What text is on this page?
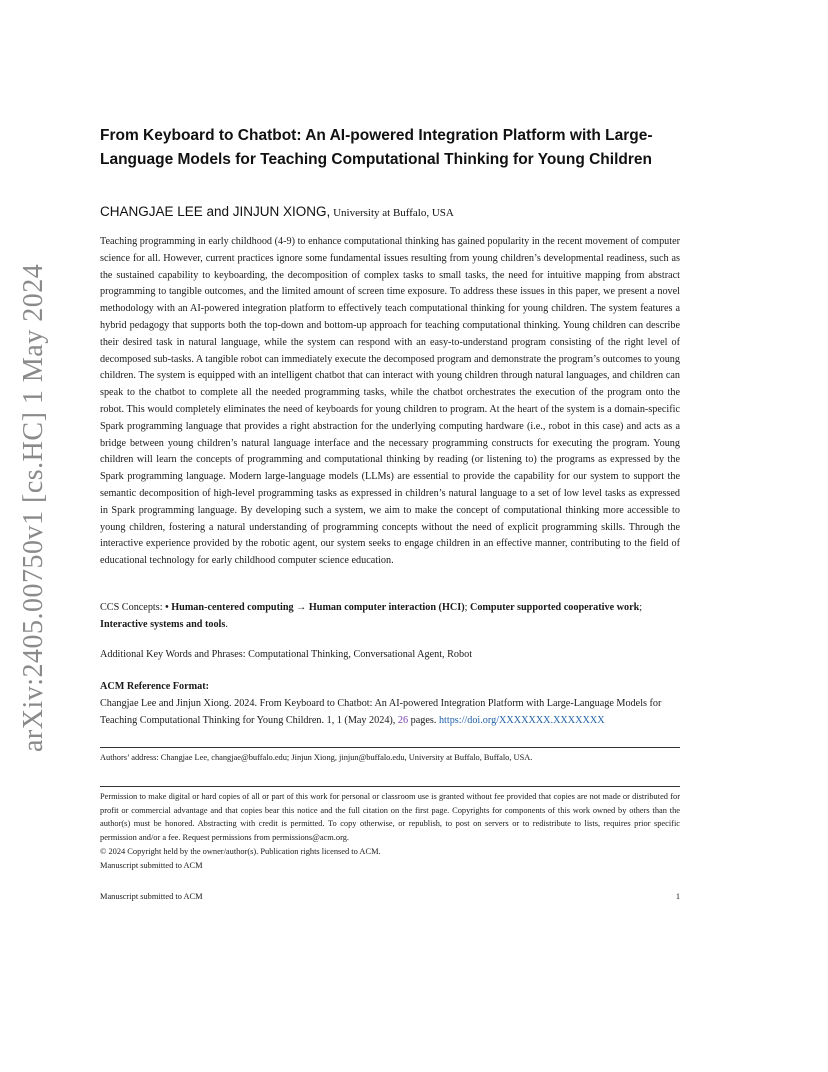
arXiv:2405.00750v1 [cs.HC] 1 May 2024
From Keyboard to Chatbot: An AI-powered Integration Platform with Large-Language Models for Teaching Computational Thinking for Young Children
CHANGJAE LEE and JINJUN XIONG, University at Buffalo, USA

Teaching programming in early childhood (4-9) to enhance computational thinking has gained popularity in the recent movement of computer science for all. However, current practices ignore some fundamental issues resulting from young children’s developmental readiness, such as the sustained capability to keyboarding, the decomposition of complex tasks to small tasks, the need for intuitive mapping from abstract programming to tangible outcomes, and the limited amount of screen time exposure. To address these issues in this paper, we present a novel methodology with an AI-powered integration platform to effectively teach computational thinking for young children. The system features a hybrid pedagogy that supports both the top-down and bottom-up approach for teaching computational thinking. Young children can describe their desired task in natural language, while the system can respond with an easy-to-understand program consisting of the right level of decomposed sub-tasks. A tangible robot can immediately execute the decomposed program and demonstrate the program’s outcomes to young children. The system is equipped with an intelligent chatbot that can interact with young children through natural languages, and children can speak to the chatbot to complete all the needed programming tasks, while the chatbot orchestrates the execution of the program onto the robot. This would completely eliminates the need of keyboards for young children to program. At the heart of the system is a domain-specific Spark programming language that provides a right abstraction for the underlying computing hardware (i.e., robot in this case) and acts as a bridge between young children’s natural language interface and the necessary programming constructs for executing the program. Young children will learn the concepts of programming and computational thinking by reading (or listening to) the programs as expressed by the Spark programming language. Modern large-language models (LLMs) are essential to provide the capability for our system to support the semantic decomposition of high-level programming tasks as expressed in children’s natural language to a set of low level tasks as expressed in Spark programming language. By developing such a system, we aim to make the concept of computational thinking more accessible to young children, fostering a natural understanding of programming concepts without the need of explicit programming skills. Through the interactive experience provided by the robotic agent, our system seeks to engage children in an effective manner, contributing to the field of educational technology for early childhood computer science education.

CCS Concepts: • Human-centered computing → Human computer interaction (HCI); Computer supported cooperative work; Interactive systems and tools.

Additional Key Words and Phrases: Computational Thinking, Conversational Agent, Robot
ACM Reference Format:

Changjae Lee and Jinjun Xiong. 2024. From Keyboard to Chatbot: An AI-powered Integration Platform with Large-Language Models for Teaching Computational Thinking for Young Children. 1, 1 (May 2024), 26 pages. https://doi.org/XXXXXXX.XXXXXXX

Authors’ address: Changjae Lee, changjae@buffalo.edu; Jinjun Xiong, jinjun@buffalo.edu, University at Buffalo, Buffalo, USA.

Permission to make digital or hard copies of all or part of this work for personal or classroom use is granted without fee provided that copies are not made or distributed for profit or commercial advantage and that copies bear this notice and the full citation on the first page. Copyrights for components of this work owned by others than the author(s) must be honored. Abstracting with credit is permitted. To copy otherwise, or republish, to post on servers or to redistribute to lists, requires prior specific permission and/or a fee. Request permissions from permissions@acm.org.

© 2024 Copyright held by the owner/author(s). Publication rights licensed to ACM.
Manuscript submitted to ACM
Manuscript submitted to ACM	1
